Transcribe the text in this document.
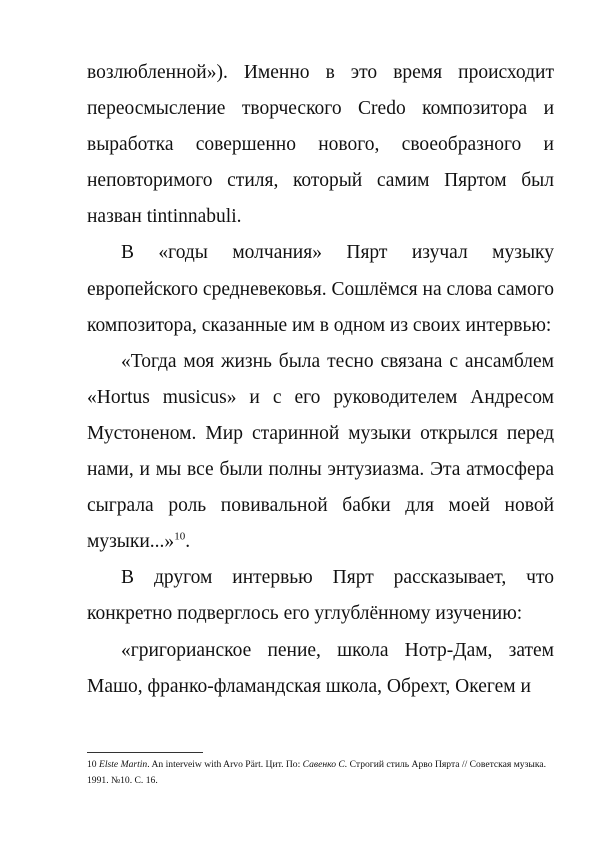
возлюбленной»). Именно в это время происходит переосмысление творческого Credo композитора и выработка совершенно нового, своеобразного и неповторимого стиля, который самим Пяртом был назван tintinnabuli.

В «годы молчания» Пярт изучал музыку европейского средневековья. Сошлёмся на слова самого композитора, сказанные им в одном из своих интервью:

«Тогда моя жизнь была тесно связана с ансамблем «Hortus musicus» и с его руководителем Андресом Мустоненом. Мир старинной музыки открылся перед нами, и мы все были полны энтузиазма. Эта атмосфера сыграла роль повивальной бабки для моей новой музыки...»$^{10}$.

В другом интервью Пярт рассказывает, что конкретно подверглось его углублённому изучению:

«григорианское пение, школа Нотр-Дам, затем Машо, франко-фламандская школа, Обрехт, Окегем и

10 Elste Martin. An interveiw with Arvo Pärt. Цит. По: Савенко С. Строгий стиль Арво Пярта // Советская музыка. 1991. №10. С. 16.
